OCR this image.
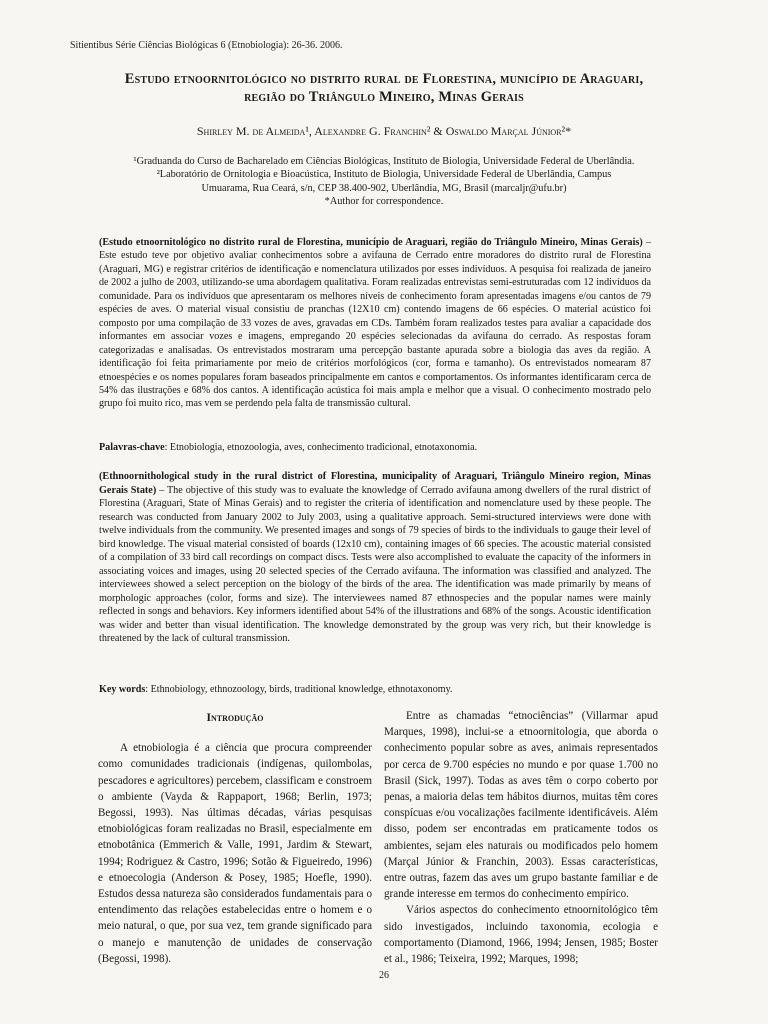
Sitientibus Série Ciências Biológicas 6 (Etnobiologia): 26-36. 2006.
Estudo etnoornitológico no distrito rural de Florestina, município de Araguari,
região do Triângulo Mineiro, Minas Gerais
Shirley M. de Almeida¹, Alexandre G. Franchin² & Oswaldo Marçal Júnior²*
¹Graduanda do Curso de Bacharelado em Ciências Biológicas, Instituto de Biologia, Universidade Federal de Uberlândia.
²Laboratório de Ornitologia e Bioacústica, Instituto de Biologia, Universidade Federal de Uberlândia, Campus
Umuarama, Rua Ceará, s/n, CEP 38.400-902, Uberlândia, MG, Brasil (marcaljr@ufu.br)
*Author for correspondence.
(Estudo etnoornitológico no distrito rural de Florestina, município de Araguari, região do Triângulo Mineiro, Minas Gerais) – Este estudo teve por objetivo avaliar conhecimentos sobre a avifauna de Cerrado entre moradores do distrito rural de Florestina (Araguari, MG) e registrar critérios de identificação e nomenclatura utilizados por esses indivíduos. A pesquisa foi realizada de janeiro de 2002 a julho de 2003, utilizando-se uma abordagem qualitativa. Foram realizadas entrevistas semi-estruturadas com 12 indivíduos da comunidade. Para os indivíduos que apresentaram os melhores níveis de conhecimento foram apresentadas imagens e/ou cantos de 79 espécies de aves. O material visual consistiu de pranchas (12X10 cm) contendo imagens de 66 espécies. O material acústico foi composto por uma compilação de 33 vozes de aves, gravadas em CDs. Também foram realizados testes para avaliar a capacidade dos informantes em associar vozes e imagens, empregando 20 espécies selecionadas da avifauna do cerrado. As respostas foram categorizadas e analisadas. Os entrevistados mostraram uma percepção bastante apurada sobre a biologia das aves da região. A identificação foi feita primariamente por meio de critérios morfológicos (cor, forma e tamanho). Os entrevistados nomearam 87 etnoespécies e os nomes populares foram baseados principalmente em cantos e comportamentos. Os informantes identificaram cerca de 54% das ilustrações e 68% dos cantos. A identificação acústica foi mais ampla e melhor que a visual. O conhecimento mostrado pelo grupo foi muito rico, mas vem se perdendo pela falta de transmissão cultural.
Palavras-chave: Etnobiologia, etnozoologia, aves, conhecimento tradicional, etnotaxonomia.
(Ethnoornithological study in the rural district of Florestina, municipality of Araguari, Triângulo Mineiro region, Minas Gerais State) – The objective of this study was to evaluate the knowledge of Cerrado avifauna among dwellers of the rural district of Florestina (Araguari, State of Minas Gerais) and to register the criteria of identification and nomenclature used by these people. The research was conducted from January 2002 to July 2003, using a qualitative approach. Semi-structured interviews were done with twelve individuals from the community. We presented images and songs of 79 species of birds to the individuals to gauge their level of bird knowledge. The visual material consisted of boards (12x10 cm), containing images of 66 species. The acoustic material consisted of a compilation of 33 bird call recordings on compact discs. Tests were also accomplished to evaluate the capacity of the informers in associating voices and images, using 20 selected species of the Cerrado avifauna. The information was classified and analyzed. The interviewees showed a select perception on the biology of the birds of the area. The identification was made primarily by means of morphologic approaches (color, forms and size). The interviewees named 87 ethnospecies and the popular names were mainly reflected in songs and behaviors. Key informers identified about 54% of the illustrations and 68% of the songs. Acoustic identification was wider and better than visual identification. The knowledge demonstrated by the group was very rich, but their knowledge is threatened by the lack of cultural transmission.
Key words: Ethnobiology, ethnozoology, birds, traditional knowledge, ethnotaxonomy.
Introdução

A etnobiologia é a ciência que procura compreender como comunidades tradicionais (indígenas, quilombolas, pescadores e agricultores) percebem, classificam e constroem o ambiente (Vayda & Rappaport, 1968; Berlin, 1973; Begossi, 1993). Nas últimas décadas, várias pesquisas etnobiológicas foram realizadas no Brasil, especialmente em etnobotânica (Emmerich & Valle, 1991, Jardim & Stewart, 1994; Rodriguez & Castro, 1996; Sotão & Figueiredo, 1996) e etnoecologia (Anderson & Posey, 1985; Hoefle, 1990). Estudos dessa natureza são considerados fundamentais para o entendimento das relações estabelecidas entre o homem e o meio natural, o que, por sua vez, tem grande significado para o manejo e manutenção de unidades de conservação (Begossi, 1998).

Entre as chamadas “etnociências” (Villarmar apud Marques, 1998), inclui-se a etnoornitologia, que aborda o conhecimento popular sobre as aves, animais representados por cerca de 9.700 espécies no mundo e por quase 1.700 no Brasil (Sick, 1997). Todas as aves têm o corpo coberto por penas, a maioria delas tem hábitos diurnos, muitas têm cores conspícuas e/ou vocalizações facilmente identificáveis. Além disso, podem ser encontradas em praticamente todos os ambientes, sejam eles naturais ou modificados pelo homem (Marçal Júnior & Franchin, 2003). Essas características, entre outras, fazem das aves um grupo bastante familiar e de grande interesse em termos do conhecimento empírico.

Vários aspectos do conhecimento etnoornitológico têm sido investigados, incluindo taxonomia, ecologia e comportamento (Diamond, 1966, 1994; Jensen, 1985; Boster et al., 1986; Teixeira, 1992; Marques, 1998;

26
